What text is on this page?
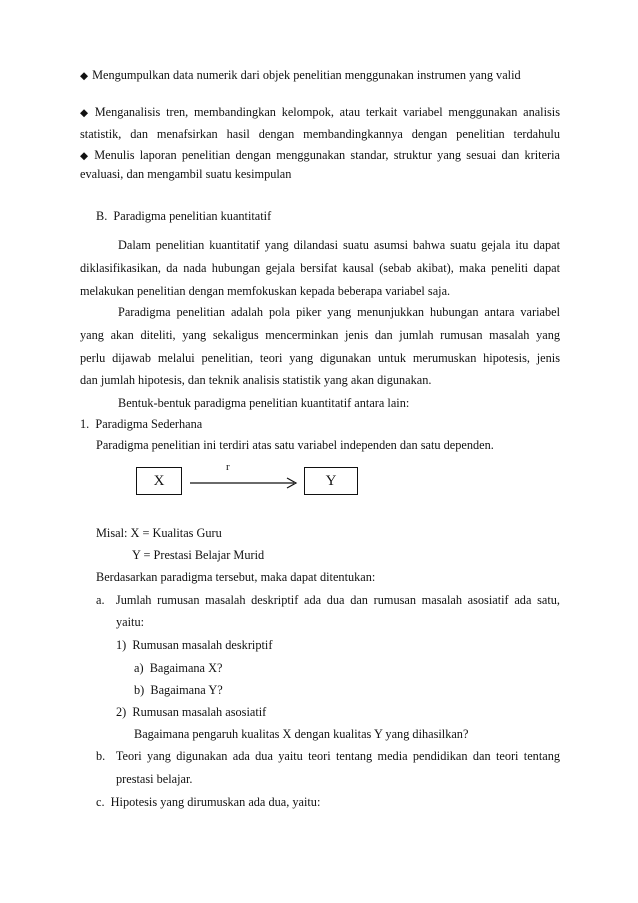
◆ Mengumpulkan data numerik dari objek penelitian menggunakan instrumen yang valid
◆ Menganalisis tren, membandingkan kelompok, atau terkait variabel menggunakan analisis
statistik, dan menafsirkan hasil dengan membandingkannya dengan penelitian terdahulu
◆ Menulis laporan penelitian dengan menggunakan standar, struktur yang sesuai dan kriteria
evaluasi, dan mengambil suatu kesimpulan
B.  Paradigma penelitian kuantitatif
Dalam penelitian kuantitatif yang dilandasi suatu asumsi bahwa suatu gejala itu dapat
diklasifikasikan, da nada hubungan gejala bersifat kausal (sebab akibat), maka peneliti dapat
melakukan penelitian dengan memfokuskan kepada beberapa variabel saja.
Paradigma penelitian adalah pola piker yang menunjukkan hubungan antara variabel
yang akan diteliti, yang sekaligus mencerminkan jenis dan jumlah rumusan masalah yang
perlu dijawab melalui penelitian, teori yang digunakan untuk merumuskan hipotesis, jenis
dan jumlah hipotesis, dan teknik analisis statistik yang akan digunakan.
Bentuk-bentuk paradigma penelitian kuantitatif antara lain:
1.  Paradigma Sederhana
Paradigma penelitian ini terdiri atas satu variabel independen dan satu dependen.
r
X	Y
Misal: X = Kualitas Guru
Y = Prestasi Belajar Murid
Berdasarkan paradigma tersebut, maka dapat ditentukan:
a.  Jumlah rumusan masalah deskriptif ada dua dan rumusan masalah asosiatif ada satu,
yaitu:
1)  Rumusan masalah deskriptif
a)  Bagaimana X?
b)  Bagaimana Y?
2)  Rumusan masalah asosiatif
Bagaimana pengaruh kualitas X dengan kualitas Y yang dihasilkan?
b.  Teori yang digunakan ada dua yaitu teori tentang media pendidikan dan teori tentang
prestasi belajar.
c.  Hipotesis yang dirumuskan ada dua, yaitu:
